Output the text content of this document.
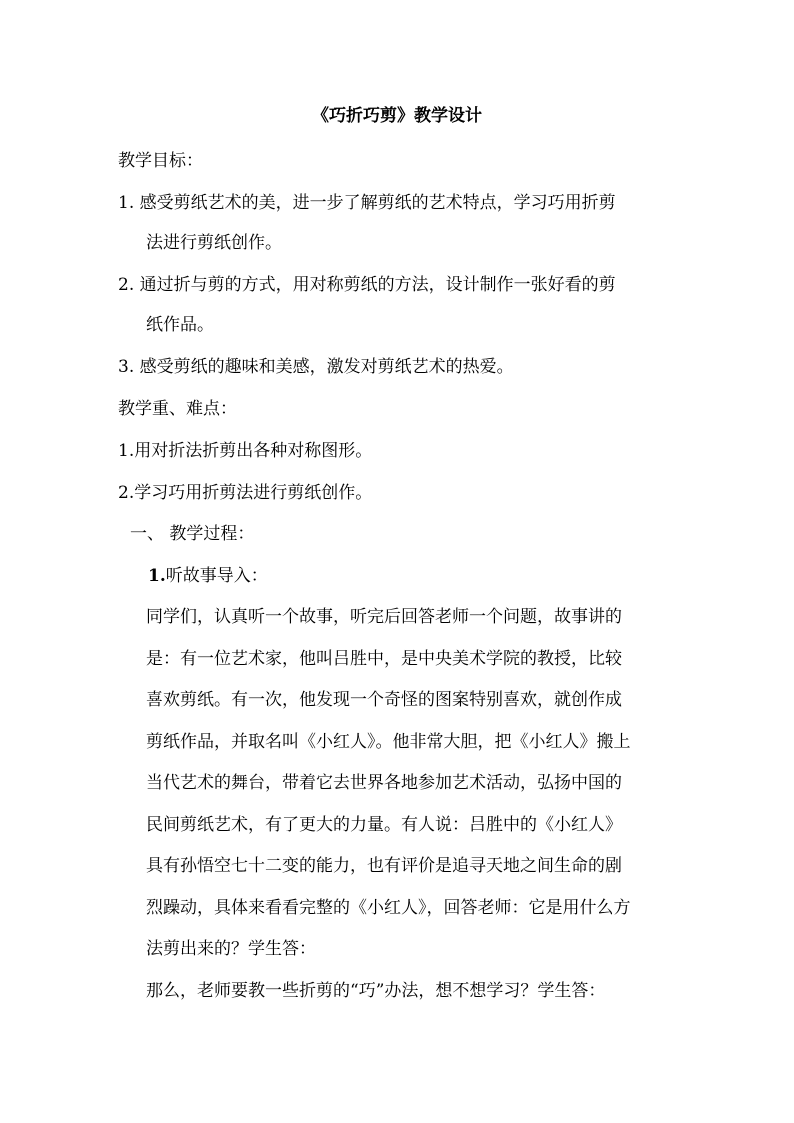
《巧折巧剪》教学设计
教学目标：
1. 感受剪纸艺术的美，进一步了解剪纸的艺术特点，学习巧用折剪
法进行剪纸创作。
2. 通过折与剪的方式，用对称剪纸的方法，设计制作一张好看的剪
纸作品。
3. 感受剪纸的趣味和美感，激发对剪纸艺术的热爱。
教学重、难点：
1.用对折法折剪出各种对称图形。
2.学习巧用折剪法进行剪纸创作。
一、 教学过程：
1.听故事导入：
同学们，认真听一个故事，听完后回答老师一个问题，故事讲的
是：有一位艺术家，他叫吕胜中，是中央美术学院的教授，比较
喜欢剪纸。有一次，他发现一个奇怪的图案特别喜欢，就创作成
剪纸作品，并取名叫《小红人》。他非常大胆，把《小红人》搬上
当代艺术的舞台，带着它去世界各地参加艺术活动，弘扬中国的
民间剪纸艺术，有了更大的力量。有人说：吕胜中的《小红人》
具有孙悟空七十二变的能力，也有评价是追寻天地之间生命的剧
烈躁动，具体来看看完整的《小红人》，回答老师：它是用什么方
法剪出来的？学生答：
那么，老师要教一些折剪的“巧”办法，想不想学习？学生答：
